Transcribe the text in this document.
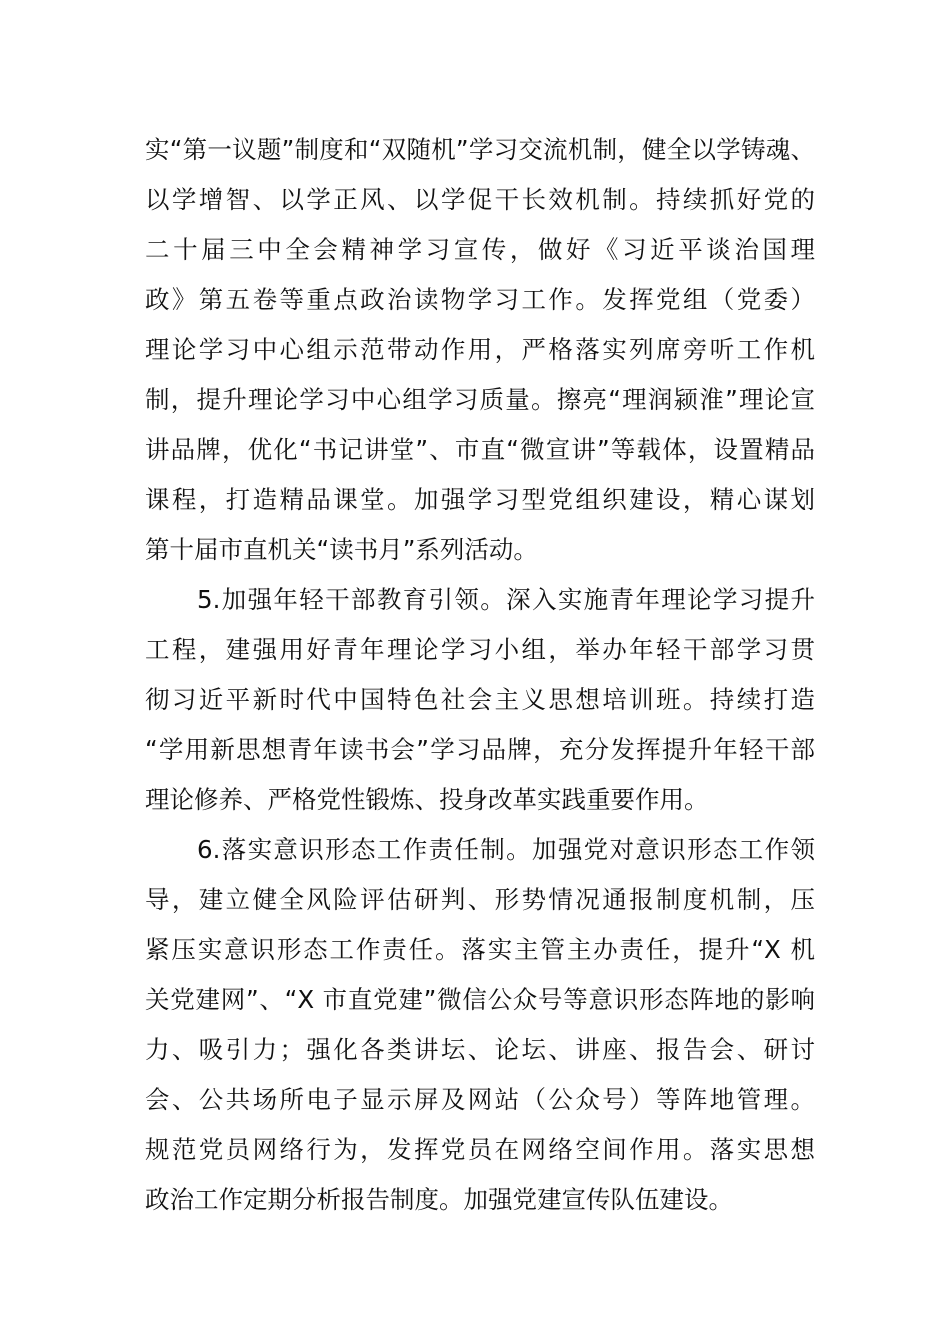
实“第一议题”制度和“双随机”学习交流机制，健全以学铸魂、
以学增智、以学正风、以学促干长效机制。持续抓好党的
二十届三中全会精神学习宣传，做好《习近平谈治国理
政》第五卷等重点政治读物学习工作。发挥党组（党委）
理论学习中心组示范带动作用，严格落实列席旁听工作机
制，提升理论学习中心组学习质量。擦亮“理润颍淮”理论宣
讲品牌，优化“书记讲堂”、市直“微宣讲”等载体，设置精品
课程，打造精品课堂。加强学习型党组织建设，精心谋划
第十届市直机关“读书月”系列活动。
5.加强年轻干部教育引领。深入实施青年理论学习提升
工程，建强用好青年理论学习小组，举办年轻干部学习贯
彻习近平新时代中国特色社会主义思想培训班。持续打造
“学用新思想青年读书会”学习品牌，充分发挥提升年轻干部
理论修养、严格党性锻炼、投身改革实践重要作用。
6.落实意识形态工作责任制。加强党对意识形态工作领
导，建立健全风险评估研判、形势情况通报制度机制，压
紧压实意识形态工作责任。落实主管主办责任，提升“X 机
关党建网”、“X 市直党建”微信公众号等意识形态阵地的影响
力、吸引力；强化各类讲坛、论坛、讲座、报告会、研讨
会、公共场所电子显示屏及网站（公众号）等阵地管理。
规范党员网络行为，发挥党员在网络空间作用。落实思想
政治工作定期分析报告制度。加强党建宣传队伍建设。
